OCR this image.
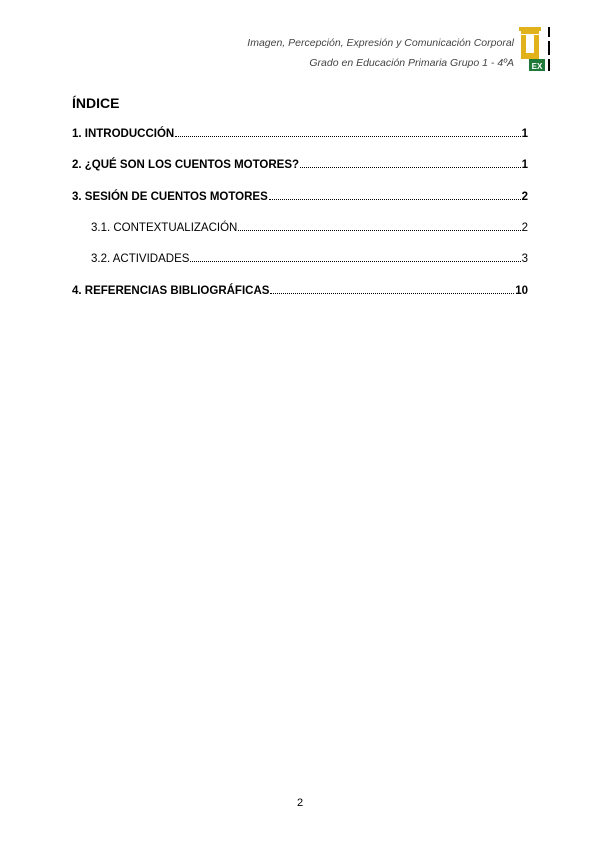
Imagen, Percepción, Expresión y Comunicación Corporal
Grado en Educación Primaria Grupo 1 - 4ºA EX
ÍNDICE
1. INTRODUCCIÓN	1
2. ¿QUÉ SON LOS CUENTOS MOTORES?	1
3. SESIÓN DE CUENTOS MOTORES	2
3.1. CONTEXTUALIZACIÓN	2
3.2. ACTIVIDADES	3
4. REFERENCIAS BIBLIOGRÁFICAS	10
2
